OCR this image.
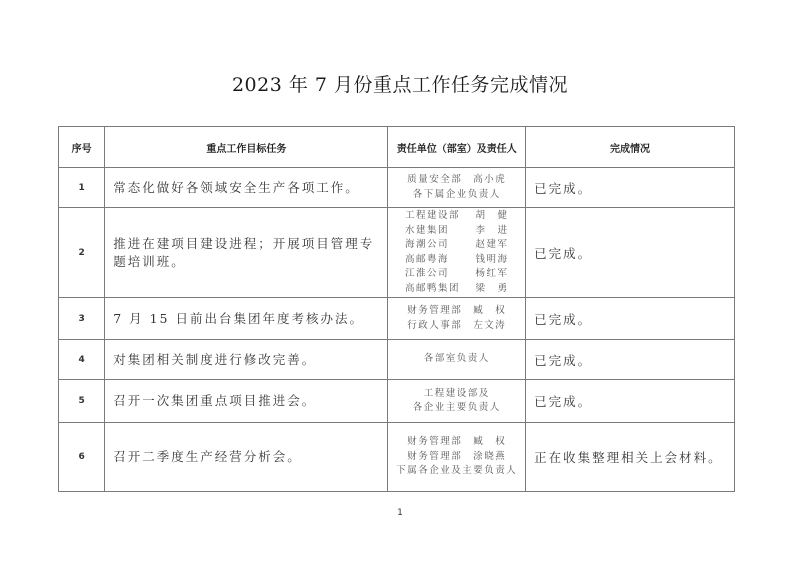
2023 年 7 月份重点工作任务完成情况
序号	重点工作目标任务	责任单位（部室）及责任人	完成情况
1	常态化做好各领域安全生产各项工作。	质量安全部　高小虎
各下属企业负责人	已完成。
2	推进在建项目建设进程；开展项目管理专题培训班。	
工程建设部　 胡　健
水建集团　　 李　进
海潮公司　　 赵建军
高邮粤海　　 钱明海
江淮公司　　 杨红军
高邮鸭集团　 梁　勇
	已完成。
3	7 月 15 日前出台集团年度考核办法。	财务管理部　臧　权
行政人事部　左文涛	已完成。
4	对集团相关制度进行修改完善。	各部室负责人	已完成。
5	召开一次集团重点项目推进会。	工程建设部及
各企业主要负责人	已完成。
6	召开二季度生产经营分析会。	财务管理部　臧　权
财务管理部　涂晓燕
下属各企业及主要负责人	正在收集整理相关上会材料。
1
